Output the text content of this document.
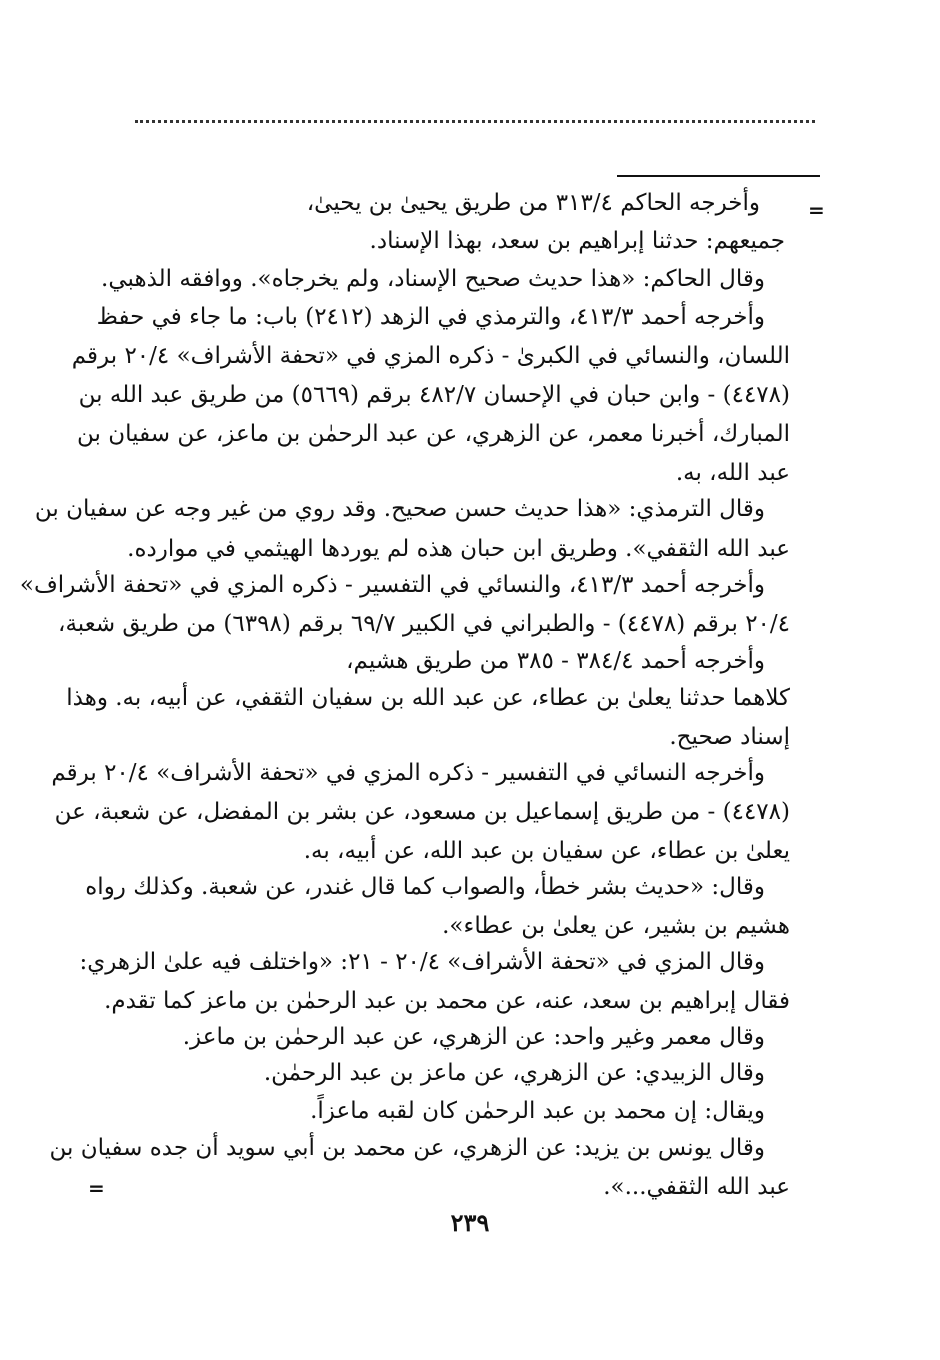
=
وأخرجه الحاكم ٣١٣/٤ من طريق يحيىٰ بن يحيىٰ،
جميعهم: حدثنا إبراهيم بن سعد، بهذا الإسناد.
وقال الحاكم: «هذا حديث صحيح الإسناد، ولم يخرجاه». ووافقه الذهبي.
وأخرجه أحمد ٤١٣/٣، والترمذي في الزهد (٢٤١٢) باب: ما جاء في حفظ
اللسان، والنسائي في الكبرىٰ - ذكره المزي في «تحفة الأشراف» ٢٠/٤ برقم
(٤٤٧٨) - وابن حبان في الإحسان ٤٨٢/٧ برقم (٥٦٦٩) من طريق عبد الله بن
المبارك، أخبرنا معمر، عن الزهري، عن عبد الرحمٰن بن ماعز، عن سفيان بن
عبد الله، به.
وقال الترمذي: «هذا حديث حسن صحيح. وقد روي من غير وجه عن سفيان بن
عبد الله الثقفي». وطريق ابن حبان هذه لم يوردها الهيثمي في موارده.
وأخرجه أحمد ٤١٣/٣، والنسائي في التفسير - ذكره المزي في «تحفة الأشراف»
٢٠/٤ برقم (٤٤٧٨) - والطبراني في الكبير ٦٩/٧ برقم (٦٣٩٨) من طريق شعبة،
وأخرجه أحمد ٣٨٤/٤ - ٣٨٥ من طريق هشيم،
كلاهما حدثنا يعلىٰ بن عطاء، عن عبد الله بن سفيان الثقفي، عن أبيه، به. وهذا
إسناد صحيح.
وأخرجه النسائي في التفسير - ذكره المزي في «تحفة الأشراف» ٢٠/٤ برقم
(٤٤٧٨) - من طريق إسماعيل بن مسعود، عن بشر بن المفضل، عن شعبة، عن
يعلىٰ بن عطاء، عن سفيان بن عبد الله، عن أبيه، به.
وقال: «حديث بشر خطأ، والصواب كما قال غندر، عن شعبة. وكذلك رواه
هشيم بن بشير، عن يعلىٰ بن عطاء».
وقال المزي في «تحفة الأشراف» ٢٠/٤ - ٢١: «واختلف فيه علىٰ الزهري:
فقال إبراهيم بن سعد، عنه، عن محمد بن عبد الرحمٰن بن ماعز كما تقدم.
وقال معمر وغير واحد: عن الزهري، عن عبد الرحمٰن بن ماعز.
وقال الزبيدي: عن الزهري، عن ماعز بن عبد الرحمٰن.
ويقال: إن محمد بن عبد الرحمٰن كان لقبه ماعزاً.
وقال يونس بن يزيد: عن الزهري، عن محمد بن أبي سويد أن جده سفيان بن
عبد الله الثقفي...».
=
٢٣٩
